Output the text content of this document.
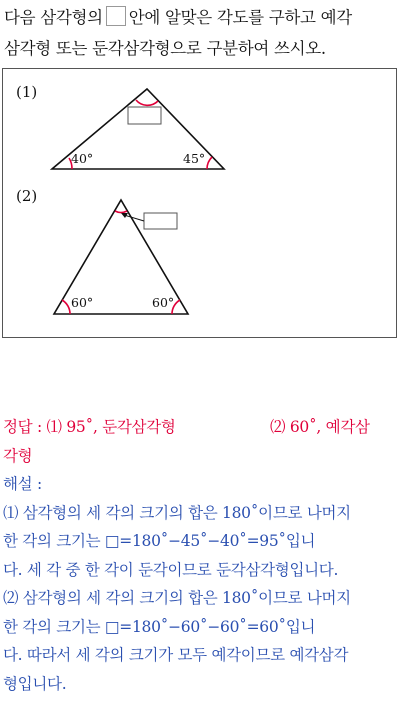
다음 삼각형의 안에 알맞은 각도를 구하고 예각
삼각형 또는 둔각삼각형으로 구분하여 쓰시오.
(1)
(2)
40°	45°
60°	60°
정답 : ⑴ 95˚, 둔각삼각형	⑵ 60˚, 예각삼
각형
해설 :
⑴ 삼각형의 세 각의 크기의 합은 180˚이므로 나머지
한 각의 크기는 □=180˚−45˚−40˚=95˚입니
다. 세 각 중 한 각이 둔각이므로 둔각삼각형입니다.
⑵ 삼각형의 세 각의 크기의 합은 180˚이므로 나머지
한 각의 크기는 □=180˚−60˚−60˚=60˚입니
다. 따라서 세 각의 크기가 모두 예각이므로 예각삼각
형입니다.
